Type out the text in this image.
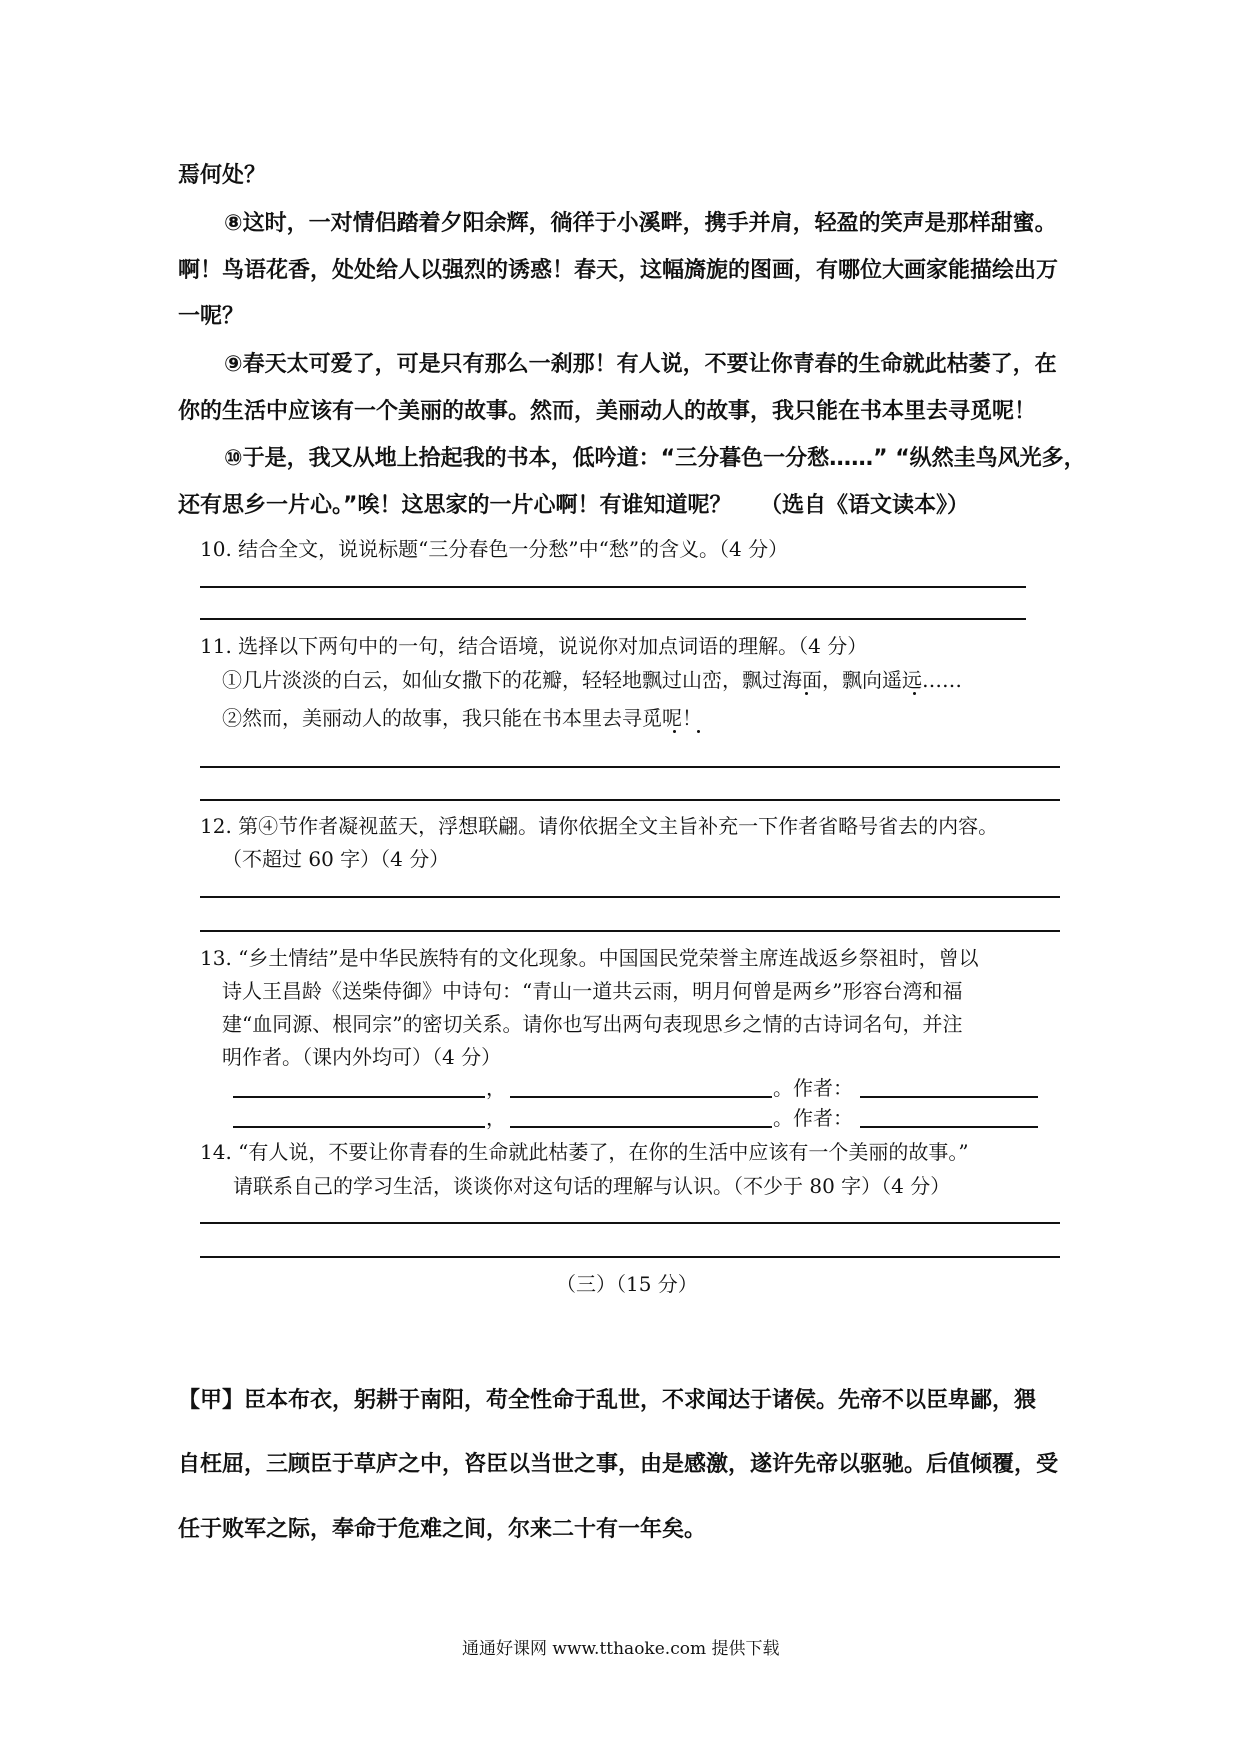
焉何处？
⑧这时，一对情侣踏着夕阳余辉，徜徉于小溪畔，携手并肩，轻盈的笑声是那样甜蜜。
啊！鸟语花香，处处给人以强烈的诱惑！春天，这幅旖旎的图画，有哪位大画家能描绘出万
一呢？
⑨春天太可爱了，可是只有那么一刹那！有人说，不要让你青春的生命就此枯萎了，在
你的生活中应该有一个美丽的故事。然而，美丽动人的故事，我只能在书本里去寻觅呢！
⑩于是，我又从地上拾起我的书本，低吟道：“三分暮色一分愁……” “纵然圭鸟风光多，
还有思乡一片心。”唉！这思家的一片心啊！有谁知道呢？ （选自《语文读本》）
10. 结合全文，说说标题“三分春色一分愁”中“愁”的含义。（4 分）
11. 选择以下两句中的一句，结合语境，说说你对加点词语的理解。（4 分）
①几片淡淡的白云，如仙女撒下的花瓣，轻轻地飘过山峦，飘过海面，飘向遥远……
②然而，美丽动人的故事，我只能在书本里去寻觅呢！
12. 第④节作者凝视蓝天，浮想联翩。请你依据全文主旨补充一下作者省略号省去的内容。
（不超过 60 字）（4 分）
13. “乡土情结”是中华民族特有的文化现象。中国国民党荣誉主席连战返乡祭祖时，曾以
诗人王昌龄《送柴侍御》中诗句：“青山一道共云雨，明月何曾是两乡”形容台湾和福
建“血同源、根同宗”的密切关系。请你也写出两句表现思乡之情的古诗词名句，并注
明作者。（课内外均可）（4 分）
，	。作者：
，	。作者：
14. “有人说，不要让你青春的生命就此枯萎了，在你的生活中应该有一个美丽的故事。”
请联系自己的学习生活，谈谈你对这句话的理解与认识。（不少于 80 字）（4 分）
（三）（15 分）
【甲】臣本布衣，躬耕于南阳，苟全性命于乱世，不求闻达于诸侯。先帝不以臣卑鄙，猥
自枉屈，三顾臣于草庐之中，咨臣以当世之事，由是感激，遂许先帝以驱驰。后值倾覆，受
任于败军之际，奉命于危难之间，尔来二十有一年矣。
通通好课网 www.tthaoke.com 提供下载
